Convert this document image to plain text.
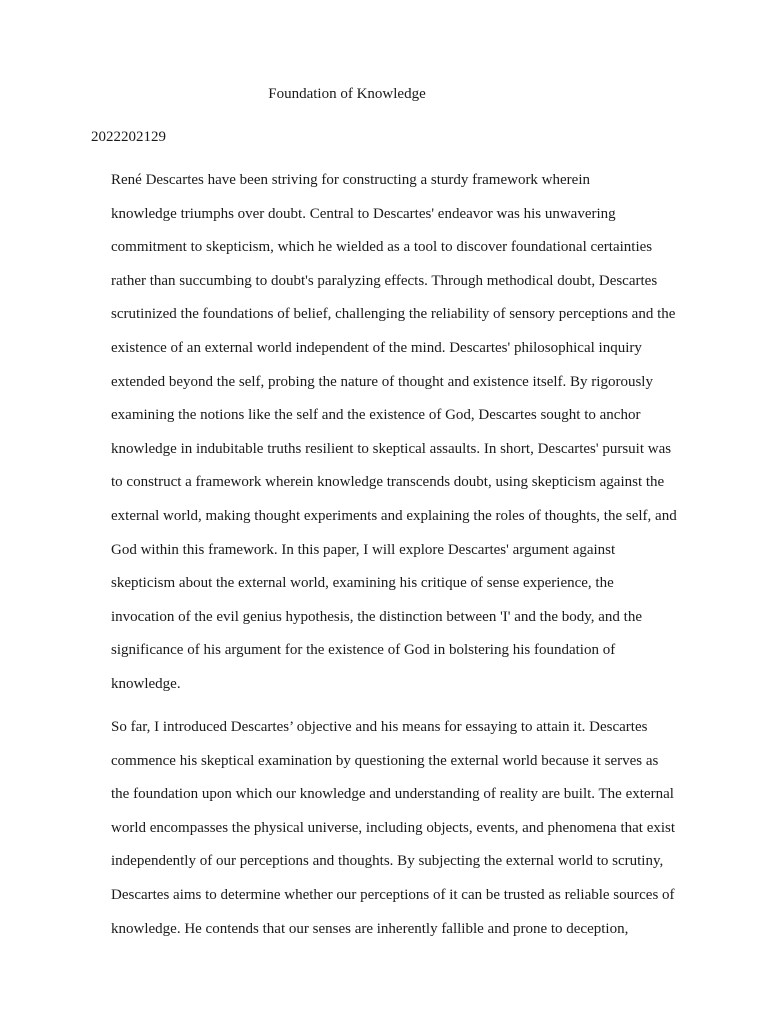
Foundation of Knowledge
2022202129

René Descartes have been striving for constructing a sturdy framework wherein
knowledge triumphs over doubt. Central to Descartes' endeavor was his unwavering
commitment to skepticism, which he wielded as a tool to discover foundational certainties
rather than succumbing to doubt's paralyzing effects. Through methodical doubt, Descartes
scrutinized the foundations of belief, challenging the reliability of sensory perceptions and the
existence of an external world independent of the mind. Descartes' philosophical inquiry
extended beyond the self, probing the nature of thought and existence itself. By rigorously
examining the notions like the self and the existence of God, Descartes sought to anchor
knowledge in indubitable truths resilient to skeptical assaults. In short, Descartes' pursuit was
to construct a framework wherein knowledge transcends doubt, using skepticism against the
external world, making thought experiments and explaining the roles of thoughts, the self, and
God within this framework. In this paper, I will explore Descartes' argument against
skepticism about the external world, examining his critique of sense experience, the
invocation of the evil genius hypothesis, the distinction between 'I' and the body, and the
significance of his argument for the existence of God in bolstering his foundation of
knowledge.

So far, I introduced Descartes’ objective and his means for essaying to attain it. Descartes
commence his skeptical examination by questioning the external world because it serves as
the foundation upon which our knowledge and understanding of reality are built. The external
world encompasses the physical universe, including objects, events, and phenomena that exist
independently of our perceptions and thoughts. By subjecting the external world to scrutiny,
Descartes aims to determine whether our perceptions of it can be trusted as reliable sources of
knowledge. He contends that our senses are inherently fallible and prone to deception,
